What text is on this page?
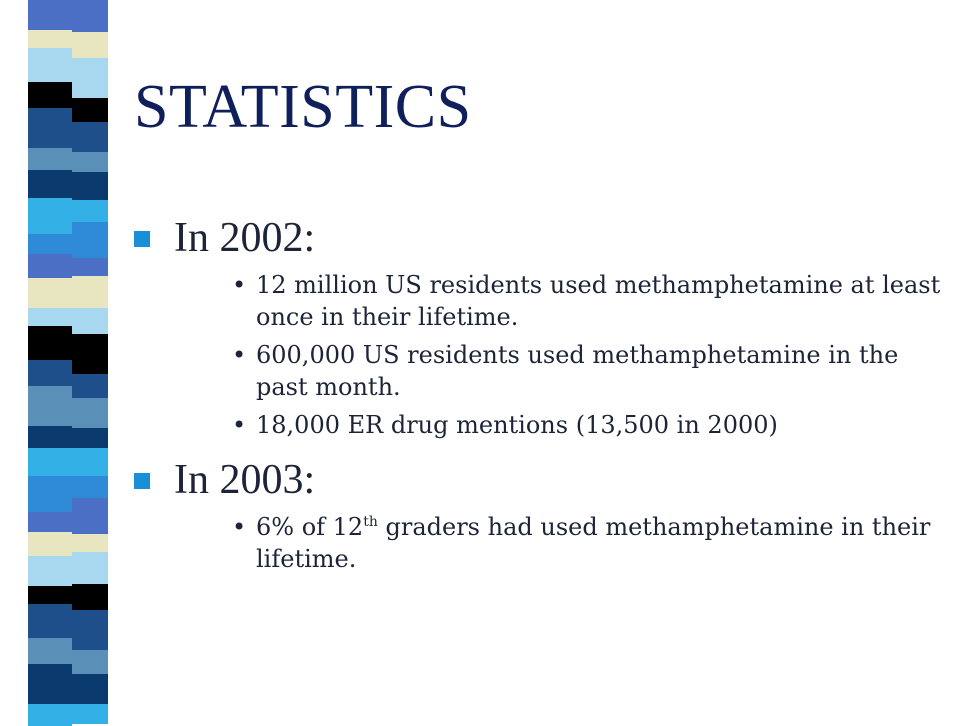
STATISTICS
In 2002:
• 12 million US residents used methamphetamine at least once in their lifetime.
• 600,000 US residents used methamphetamine in the past month.
• 18,000 ER drug mentions (13,500 in 2000)
In 2003:
• 6% of 12th graders had used methamphetamine in their lifetime.
